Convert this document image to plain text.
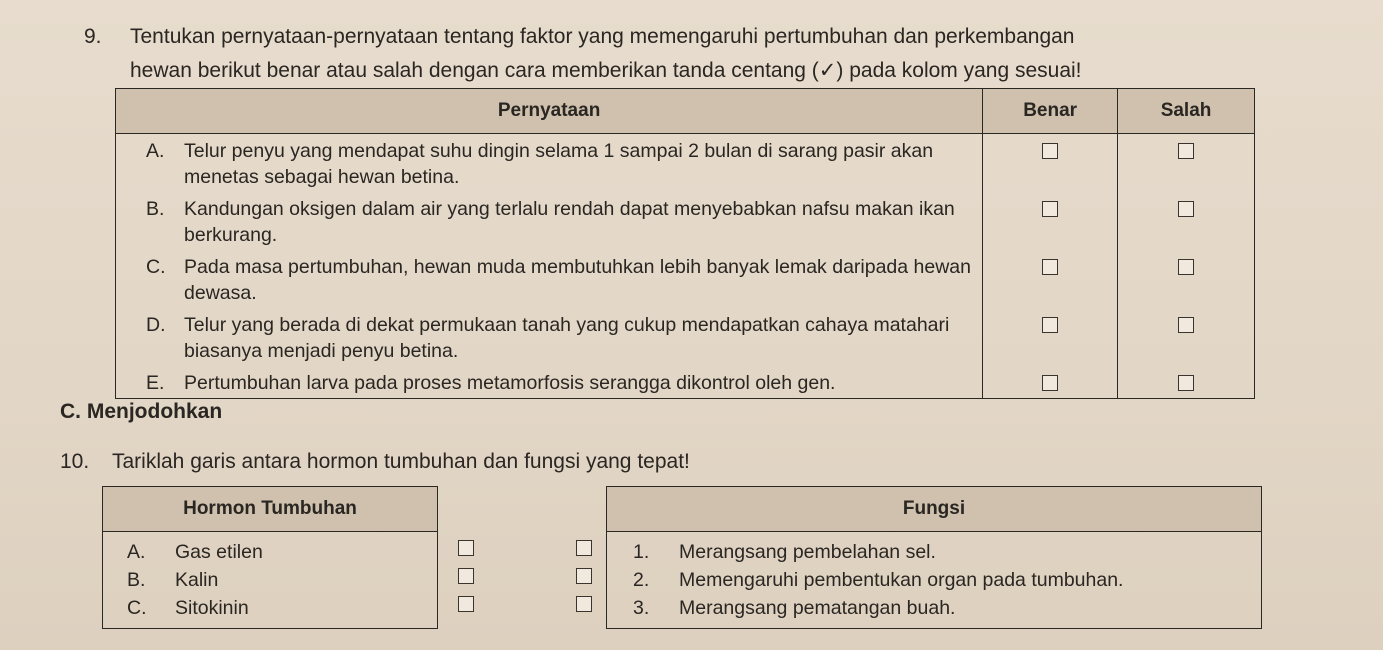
9. Tentukan pernyataan-pernyataan tentang faktor yang memengaruhi pertumbuhan dan perkembangan
hewan berikut benar atau salah dengan cara memberikan tanda centang (✓) pada kolom yang sesuai!
Pernyataan	Benar	Salah

A. Telur penyu yang mendapat suhu dingin selama 1 sampai 2 bulan di sarang pasir akan menetas sebagai hewan betina.		

B. Kandungan oksigen dalam air yang terlalu rendah dapat menyebabkan nafsu makan ikan berkurang.		

C. Pada masa pertumbuhan, hewan muda membutuhkan lebih banyak lemak daripada hewan dewasa.		

D. Telur yang berada di dekat permukaan tanah yang cukup mendapatkan cahaya matahari biasanya menjadi penyu betina.		

E. Pertumbuhan larva pada proses metamorfosis serangga dikontrol oleh gen.		

C. Menjodohkan
10. Tariklah garis antara hormon tumbuhan dan fungsi yang tepat!
Hormon Tumbuhan

A.	Gas etilen

B.	Kalin

C.	Sitokinin
Fungsi

1.	Merangsang pembelahan sel.

2.	Memengaruhi pembentukan organ pada tumbuhan.

3.	Merangsang pematangan buah.
